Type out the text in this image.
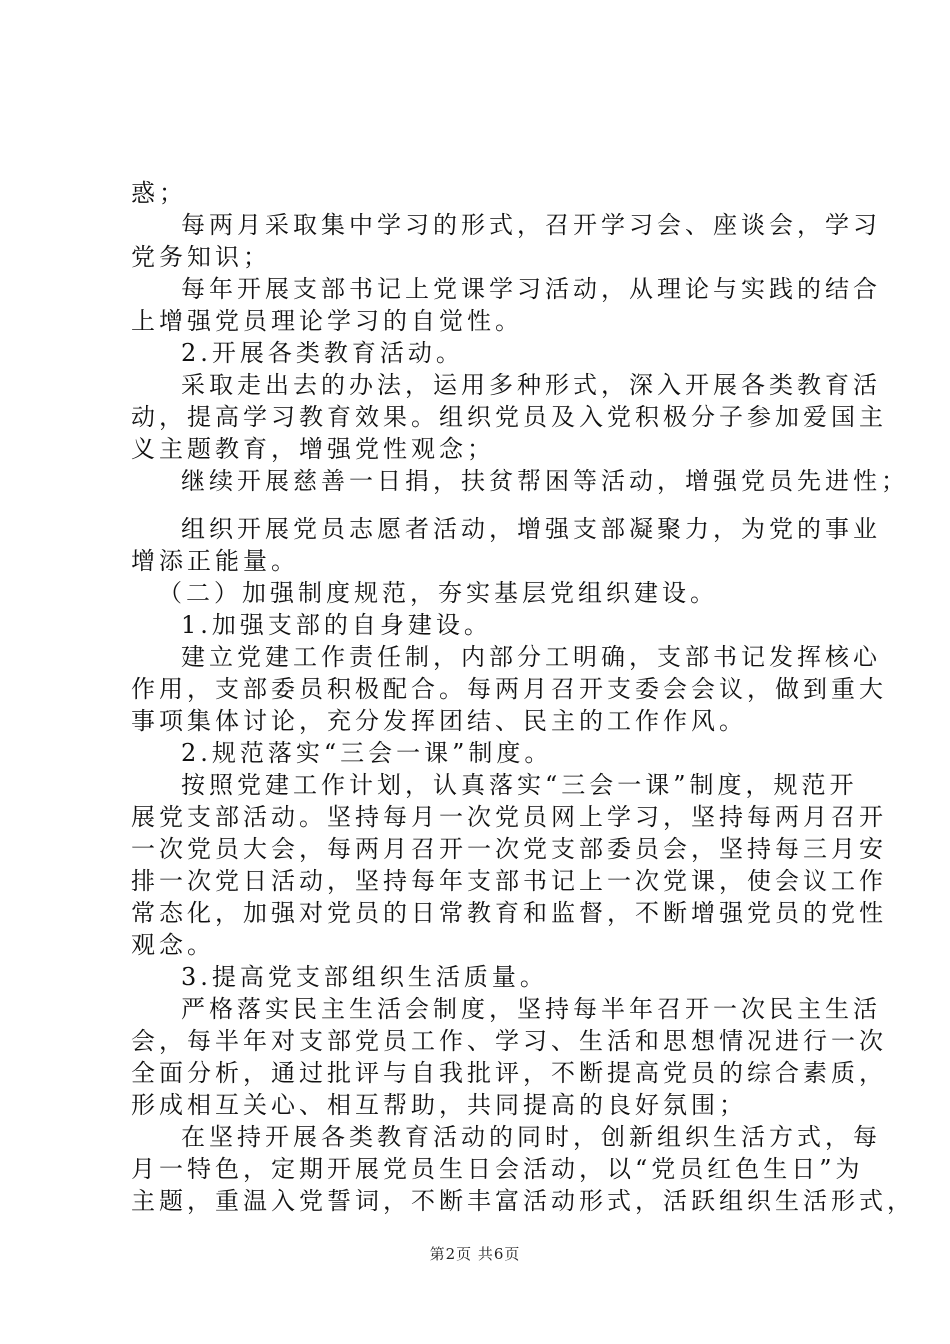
惑；
每两月采取集中学习的形式，召开学习会、座谈会，学习
党务知识；
每年开展支部书记上党课学习活动，从理论与实践的结合
上增强党员理论学习的自觉性。
2.开展各类教育活动。
采取走出去的办法，运用多种形式，深入开展各类教育活
动，提高学习教育效果。组织党员及入党积极分子参加爱国主
义主题教育，增强党性观念；
继续开展慈善一日捐，扶贫帮困等活动，增强党员先进性；
组织开展党员志愿者活动，增强支部凝聚力，为党的事业
增添正能量。
（二）加强制度规范，夯实基层党组织建设。
1.加强支部的自身建设。
建立党建工作责任制，内部分工明确，支部书记发挥核心
作用，支部委员积极配合。每两月召开支委会会议，做到重大
事项集体讨论，充分发挥团结、民主的工作作风。
2.规范落实“三会一课”制度。
按照党建工作计划，认真落实“三会一课”制度，规范开
展党支部活动。坚持每月一次党员网上学习，坚持每两月召开
一次党员大会，每两月召开一次党支部委员会，坚持每三月安
排一次党日活动，坚持每年支部书记上一次党课，使会议工作
常态化，加强对党员的日常教育和监督，不断增强党员的党性
观念。
3.提高党支部组织生活质量。
严格落实民主生活会制度，坚持每半年召开一次民主生活
会，每半年对支部党员工作、学习、生活和思想情况进行一次
全面分析，通过批评与自我批评，不断提高党员的综合素质，
形成相互关心、相互帮助，共同提高的良好氛围；
在坚持开展各类教育活动的同时，创新组织生活方式，每
月一特色，定期开展党员生日会活动，以“党员红色生日”为
主题，重温入党誓词，不断丰富活动形式，活跃组织生活形式，
第2页 共6页
